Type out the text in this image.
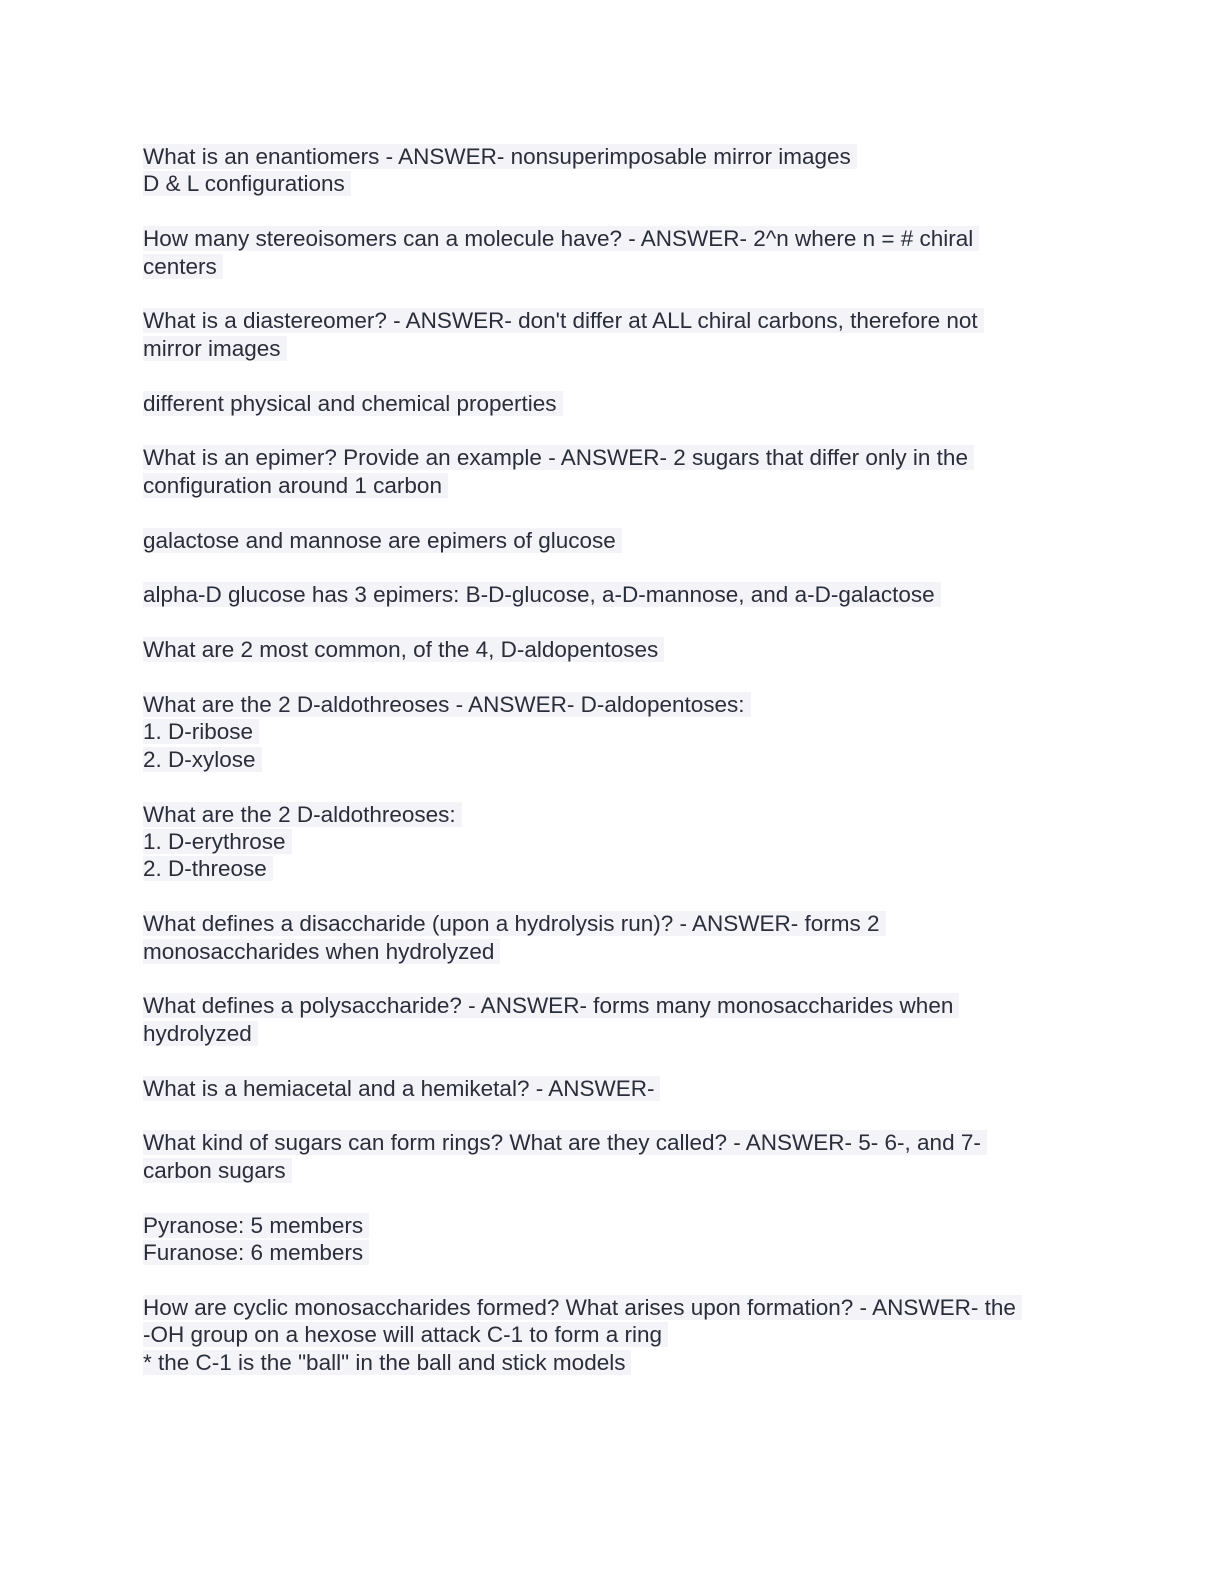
What is an enantiomers - ANSWER- nonsuperimposable mirror images
D & L configurations
How many stereoisomers can a molecule have? - ANSWER- 2^n where n = # chiral
centers
What is a diastereomer? - ANSWER- don't differ at ALL chiral carbons, therefore not
mirror images
different physical and chemical properties
What is an epimer? Provide an example - ANSWER- 2 sugars that differ only in the
configuration around 1 carbon
galactose and mannose are epimers of glucose
alpha-D glucose has 3 epimers: B-D-glucose, a-D-mannose, and a-D-galactose
What are 2 most common, of the 4, D-aldopentoses
What are the 2 D-aldothreoses - ANSWER- D-aldopentoses:
1. D-ribose
2. D-xylose
What are the 2 D-aldothreoses:
1. D-erythrose
2. D-threose
What defines a disaccharide (upon a hydrolysis run)? - ANSWER- forms 2
monosaccharides when hydrolyzed
What defines a polysaccharide? - ANSWER- forms many monosaccharides when
hydrolyzed
What is a hemiacetal and a hemiketal? - ANSWER-
What kind of sugars can form rings? What are they called? - ANSWER- 5- 6-, and 7-
carbon sugars
Pyranose: 5 members
Furanose: 6 members
How are cyclic monosaccharides formed? What arises upon formation? - ANSWER- the
-OH group on a hexose will attack C-1 to form a ring
* the C-1 is the "ball" in the ball and stick models
